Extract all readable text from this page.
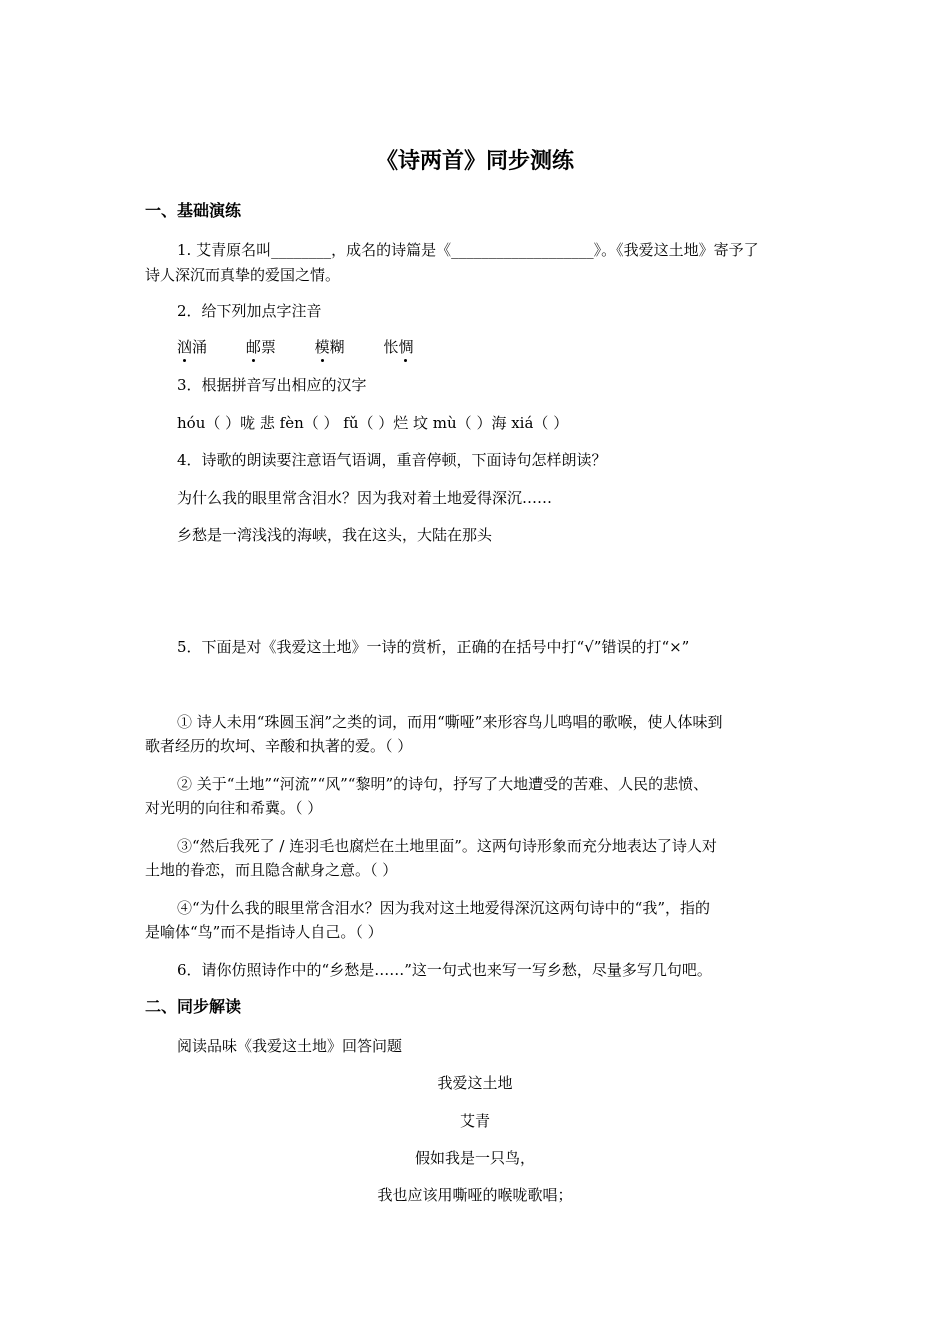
《诗两首》同步测练
一、基础演练
1. 艾青原名叫________，成名的诗篇是《___________________》。《我爱这土地》寄予了
诗人深沉而真挚的爱国之情。
2．给下列加点字注音
汹涌	邮票	模糊	怅惆
3．根据拼音写出相应的汉字
hóu（ ）咙 悲 fèn（ ） fǔ（ ）烂 坟 mù（ ）海 xiá（ ）
4．诗歌的朗读要注意语气语调，重音停顿，下面诗句怎样朗读？
为什么我的眼里常含泪水？因为我对着土地爱得深沉……
乡愁是一湾浅浅的海峡，我在这头，大陆在那头
5．下面是对《我爱这土地》一诗的赏析，正确的在括号中打“√”错误的打“×”
① 诗人未用“珠圆玉润”之类的词，而用“嘶哑”来形容鸟儿鸣唱的歌喉，使人体味到
歌者经历的坎坷、辛酸和执著的爱。（ ）
② 关于“土地”“河流”“风”“黎明”的诗句，抒写了大地遭受的苦难、人民的悲愤、
对光明的向往和希冀。（ ）
③“然后我死了 / 连羽毛也腐烂在土地里面”。这两句诗形象而充分地表达了诗人对
土地的眷恋，而且隐含献身之意。（ ）
④“为什么我的眼里常含泪水？因为我对这土地爱得深沉这两句诗中的“我”，指的
是喻体“鸟”而不是指诗人自己。（ ）
6．请你仿照诗作中的“乡愁是……”这一句式也来写一写乡愁，尽量多写几句吧。
二、同步解读
阅读品味《我爱这土地》回答问题
我爱这土地
艾青
假如我是一只鸟，
我也应该用嘶哑的喉咙歌唱；
